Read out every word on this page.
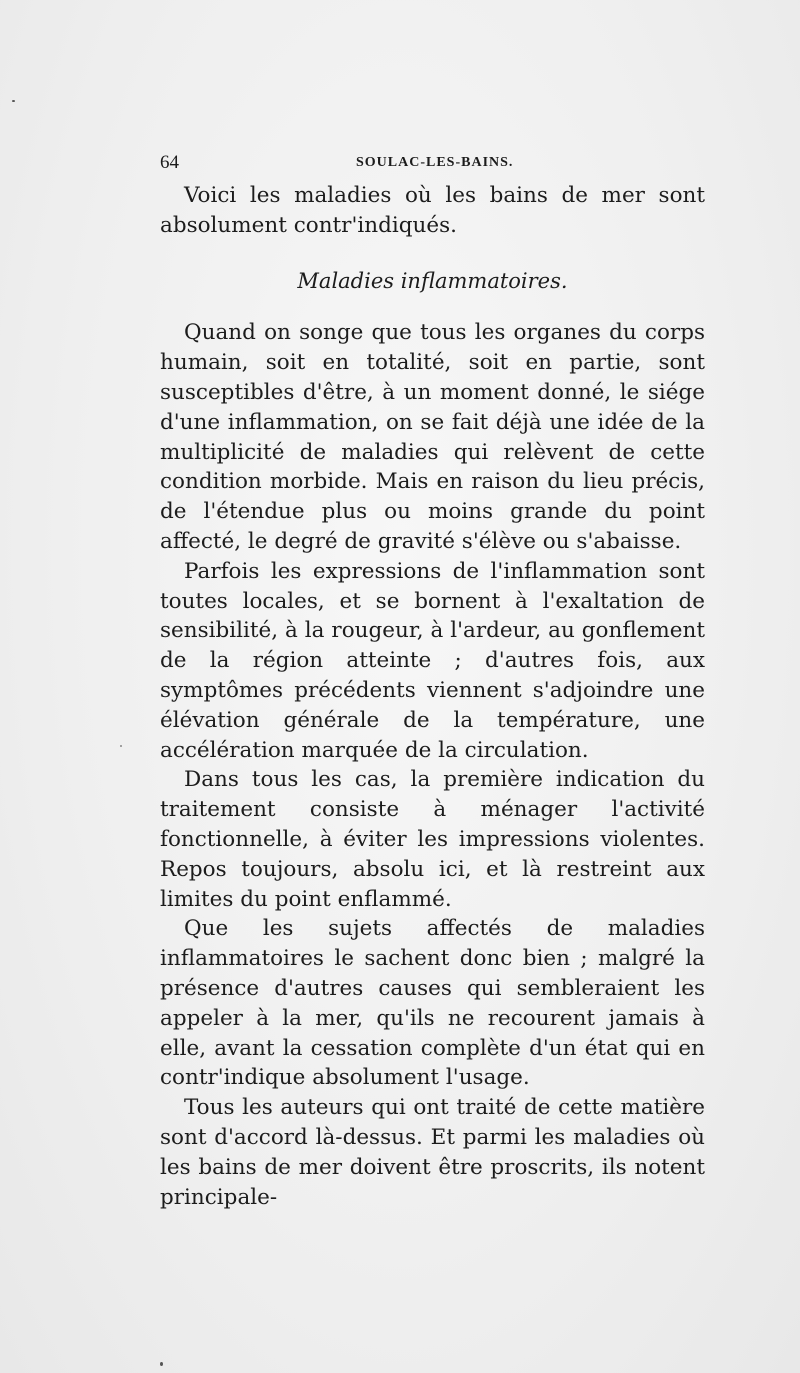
64	SOULAC-LES-BAINS.

Voici les maladies où les bains de mer sont absolument contr'indiqués.

Maladies inflammatoires.

Quand on songe que tous les organes du corps humain, soit en totalité, soit en partie, sont susceptibles d'être, à un moment donné, le siége d'une inflammation, on se fait déjà une idée de la multiplicité de maladies qui relèvent de cette condition morbide. Mais en raison du lieu précis, de l'étendue plus ou moins grande du point affecté, le degré de gravité s'élève ou s'abaisse.

Parfois les expressions de l'inflammation sont toutes locales, et se bornent à l'exaltation de sensibilité, à la rougeur, à l'ardeur, au gonflement de la région atteinte ; d'autres fois, aux symptômes précédents viennent s'adjoindre une élévation générale de la température, une accélération marquée de la circulation.

Dans tous les cas, la première indication du traitement consiste à ménager l'activité fonctionnelle, à éviter les impressions violentes. Repos toujours, absolu ici, et là restreint aux limites du point enflammé.

Que les sujets affectés de maladies inflammatoires le sachent donc bien ; malgré la présence d'autres causes qui sembleraient les appeler à la mer, qu'ils ne recourent jamais à elle, avant la cessation complète d'un état qui en contr'indique absolument l'usage.

Tous les auteurs qui ont traité de cette matière sont d'accord là-dessus. Et parmi les maladies où les bains de mer doivent être proscrits, ils notent principale-
